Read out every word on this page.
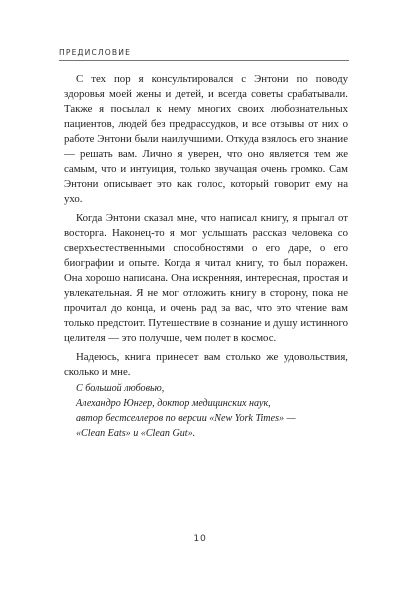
ПРЕДИСЛОВИЕ

С тех пор я консультировался с Энтони по поводу здоровья моей жены и детей, и всегда советы срабатывали. Также я посылал к нему многих своих любознательных пациентов, людей без предрассудков, и все отзывы от них о работе Энтони были наилучшими. Откуда взялось его знание — решать вам. Лично я уверен, что оно является тем же самым, что и интуиция, только звучащая очень громко. Сам Энтони описывает это как голос, который говорит ему на ухо.

Когда Энтони сказал мне, что написал книгу, я прыгал от восторга. Наконец-то я мог услышать рассказ человека со сверхъестественными способностями о его даре, о его биографии и опыте. Когда я читал книгу, то был поражен. Она хорошо написана. Она искренняя, интересная, простая и увлекательная. Я не мог отложить книгу в сторону, пока не прочитал до конца, и очень рад за вас, что это чтение вам только предстоит. Путешествие в сознание и душу истинного целителя — это получше, чем полет в космос.

Надеюсь, книга принесет вам столько же удовольствия, сколько и мне.

С большой любовью,
Алехандро Юнгер, доктор медицинских наук,
автор бестселлеров по версии «New York Times» —
«Clean Eats» и «Clean Gut».
10
